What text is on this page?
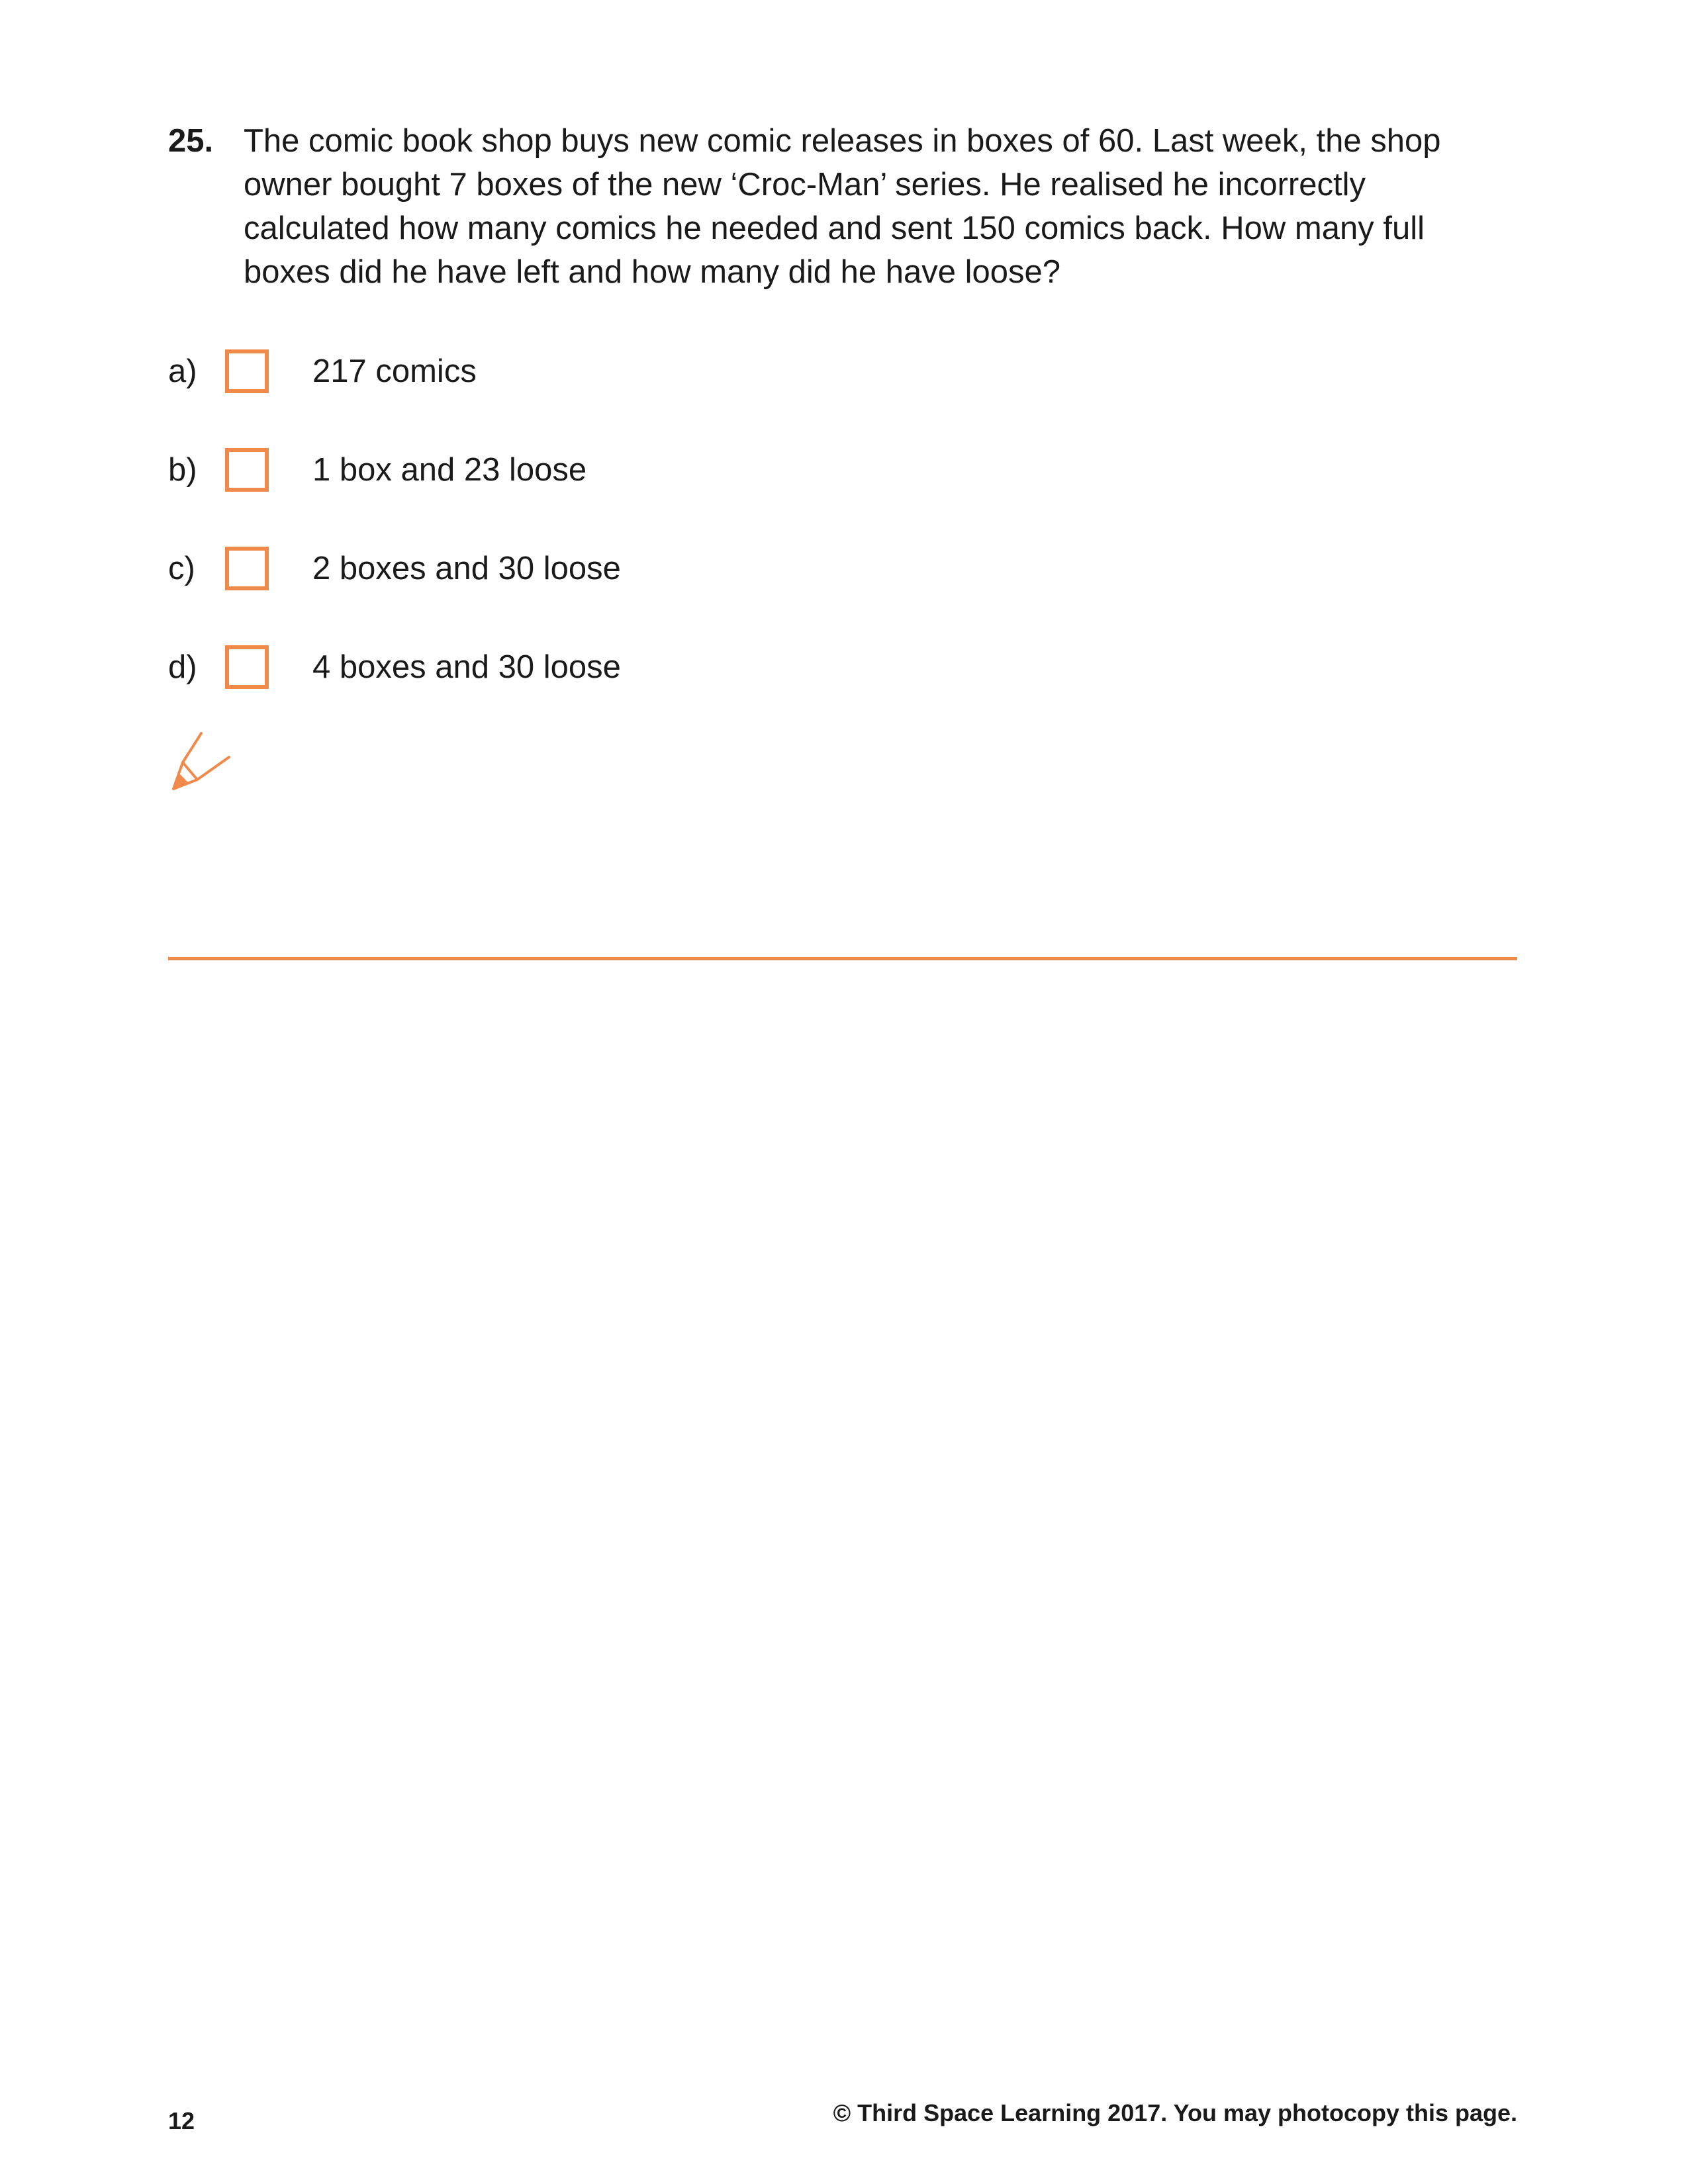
25. The comic book shop buys new comic releases in boxes of 60. Last week, the shop owner bought 7 boxes of the new ‘Croc-Man’ series. He realised he incorrectly calculated how many comics he needed and sent 150 comics back. How many full boxes did he have left and how many did he have loose?
a)	217 comics
b)	1 box and 23 loose
c)	2 boxes and 30 loose
d)	4 boxes and 30 loose
12	© Third Space Learning 2017. You may photocopy this page.
